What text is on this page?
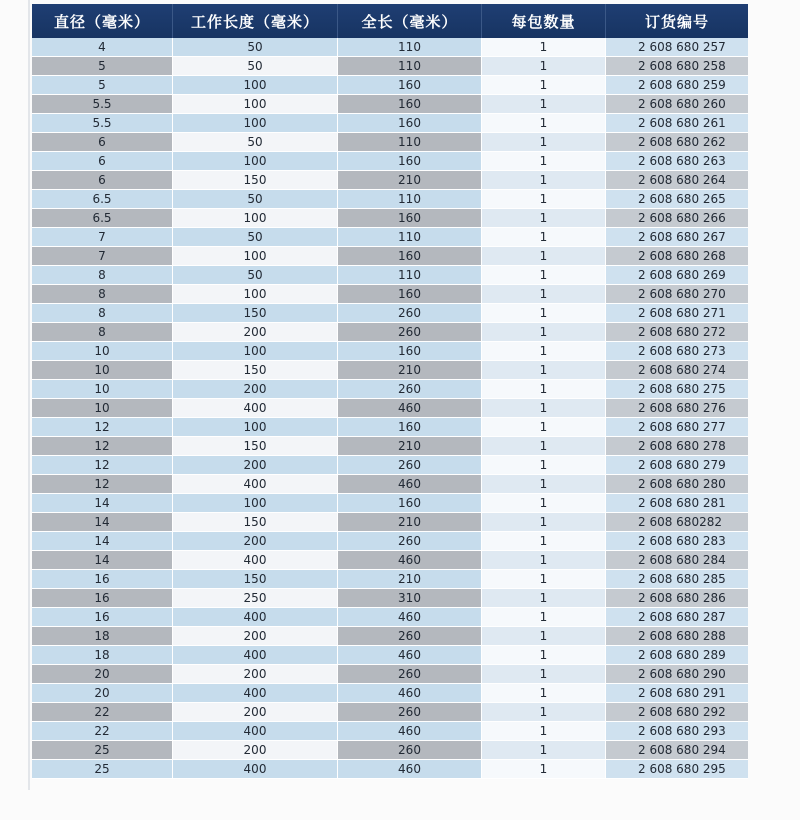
直径（毫米）	工作长度（毫米）	全长（毫米）	每包数量	订货编号
4	50	110	1	2 608 680 257
5	50	110	1	2 608 680 258
5	100	160	1	2 608 680 259
5.5	100	160	1	2 608 680 260
5.5	100	160	1	2 608 680 261
6	50	110	1	2 608 680 262
6	100	160	1	2 608 680 263
6	150	210	1	2 608 680 264
6.5	50	110	1	2 608 680 265
6.5	100	160	1	2 608 680 266
7	50	110	1	2 608 680 267
7	100	160	1	2 608 680 268
8	50	110	1	2 608 680 269
8	100	160	1	2 608 680 270
8	150	260	1	2 608 680 271
8	200	260	1	2 608 680 272
10	100	160	1	2 608 680 273
10	150	210	1	2 608 680 274
10	200	260	1	2 608 680 275
10	400	460	1	2 608 680 276
12	100	160	1	2 608 680 277
12	150	210	1	2 608 680 278
12	200	260	1	2 608 680 279
12	400	460	1	2 608 680 280
14	100	160	1	2 608 680 281
14	150	210	1	2 608 680282
14	200	260	1	2 608 680 283
14	400	460	1	2 608 680 284
16	150	210	1	2 608 680 285
16	250	310	1	2 608 680 286
16	400	460	1	2 608 680 287
18	200	260	1	2 608 680 288
18	400	460	1	2 608 680 289
20	200	260	1	2 608 680 290
20	400	460	1	2 608 680 291
22	200	260	1	2 608 680 292
22	400	460	1	2 608 680 293
25	200	260	1	2 608 680 294
25	400	460	1	2 608 680 295
